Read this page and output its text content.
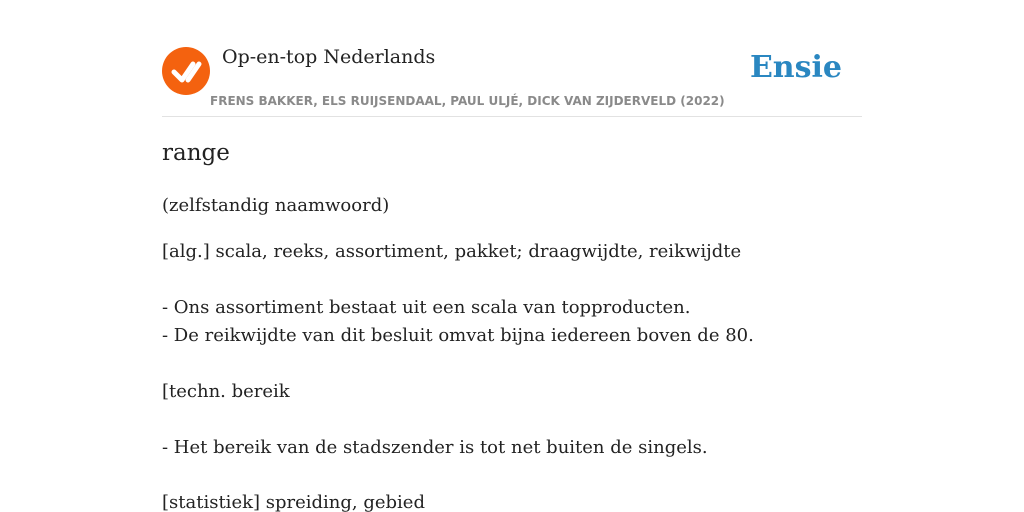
Op-en-top Nederlands
FRENS BAKKER, ELS RUIJSENDAAL, PAUL ULJÉ, DICK VAN ZIJDERVELD (2022)
Ensie
range
(zelfstandig naamwoord)
[alg.] scala, reeks, assortiment, pakket; draagwijdte, reikwijdte
- Ons assortiment bestaat uit een scala van topproducten.
- De reikwijdte van dit besluit omvat bijna iedereen boven de 80.
[techn. bereik
- Het bereik van de stadszender is tot net buiten de singels.
[statistiek] spreiding, gebied
